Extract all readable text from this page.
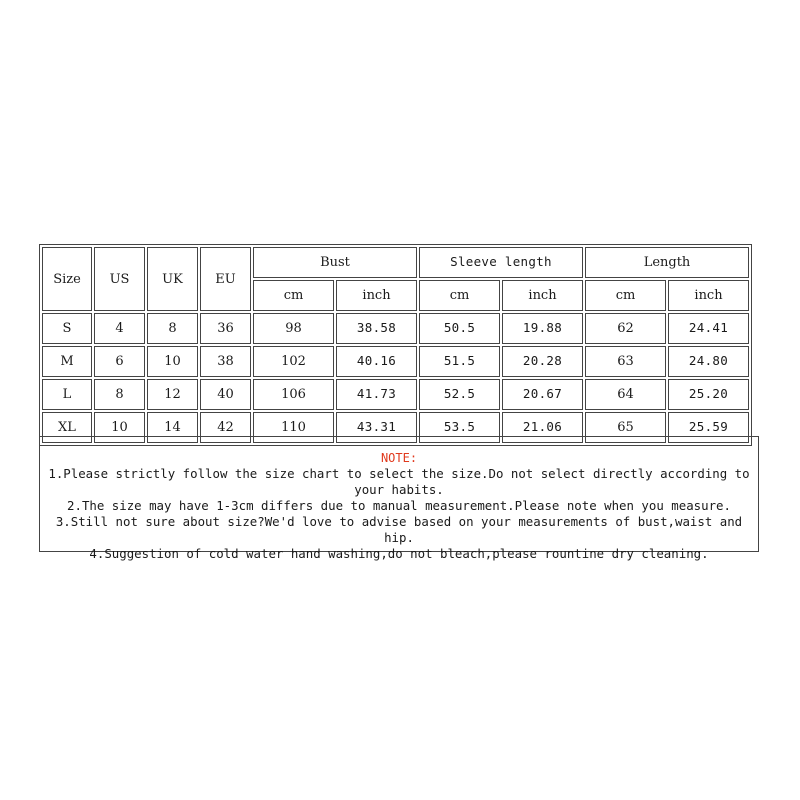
Size	US	UK	EU	Bust		Sleeve length		Length	
				cm	inch	cm	inch	cm	inch
S	4	8	36	98	38.58	50.5	19.88	62	24.41
M	6	10	38	102	40.16	51.5	20.28	63	24.80
L	8	12	40	106	41.73	52.5	20.67	64	25.20
XL	10	14	42	110	43.31	53.5	21.06	65	25.59
NOTE:
1.Please strictly follow the size chart to select the size.Do not select directly according to your habits.
2.The size may have 1-3cm differs due to manual measurement.Please note when you measure.
3.Still not sure about size?We'd love to advise based on your measurements of bust,waist and hip.
4.Suggestion of cold water hand washing,do not bleach,please rountine dry cleaning.
